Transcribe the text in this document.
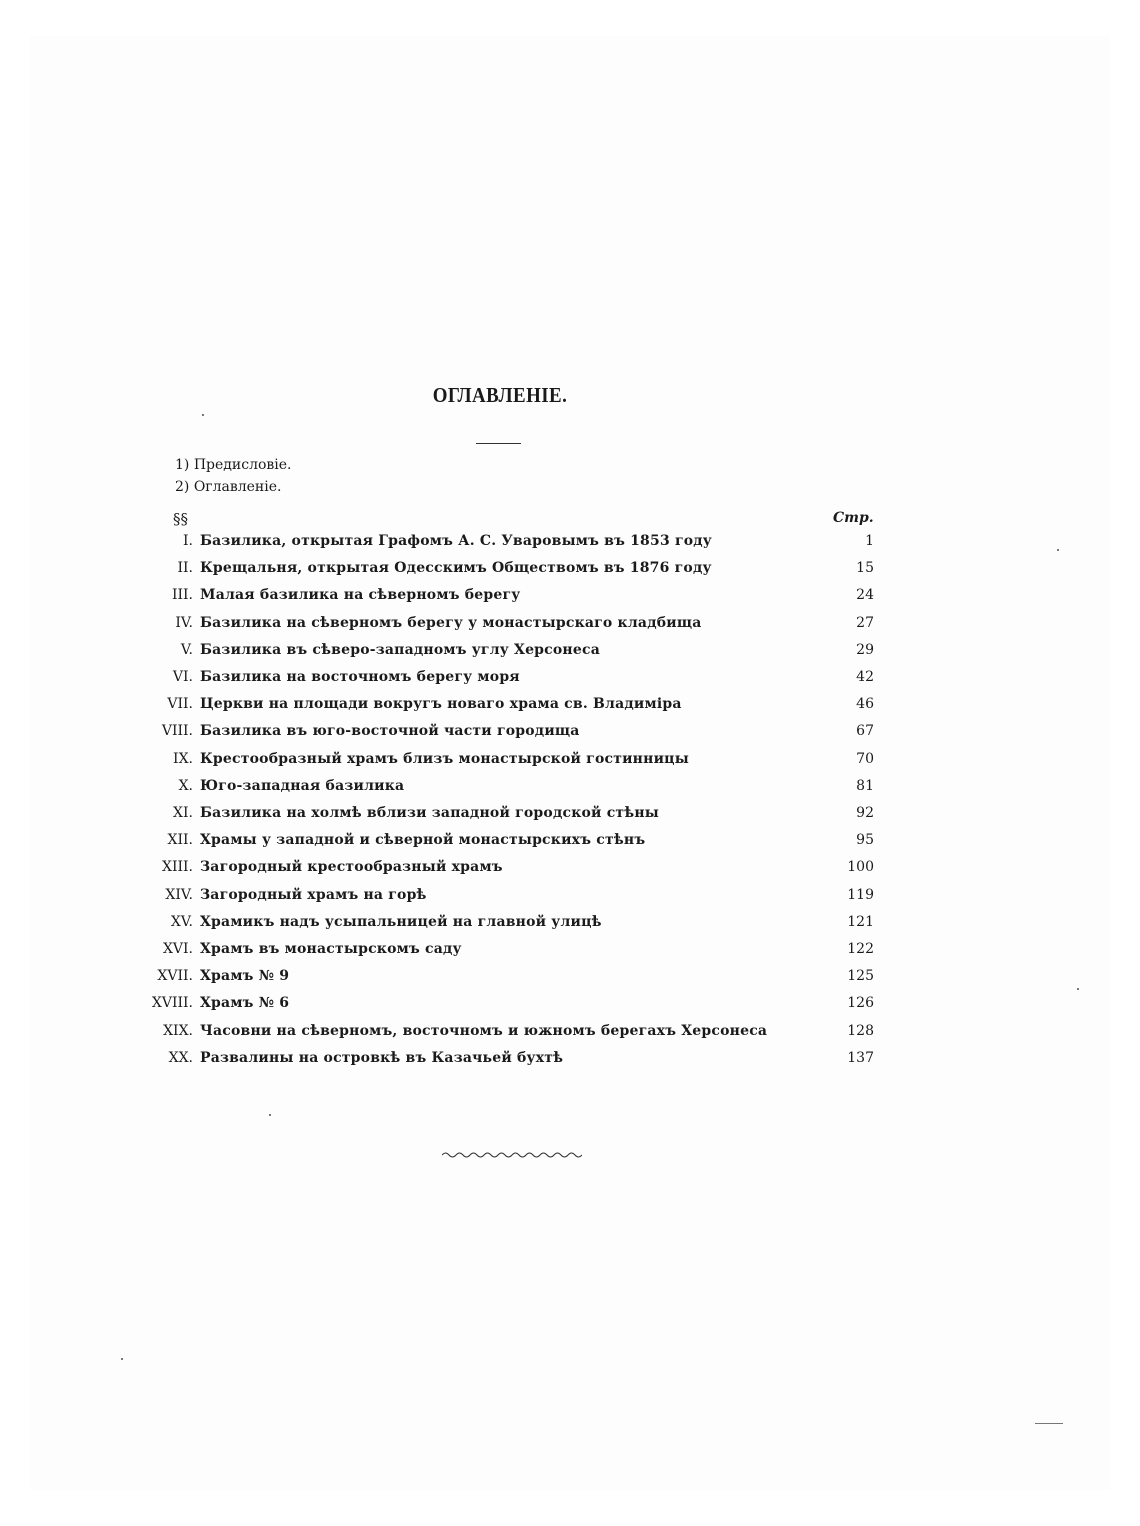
ОГЛАВЛЕНІЕ.
1) Предисловіе.
2) Оглавленіе.
§§	Стр.
I. Базилика, открытая Графомъ А. С. Уваровымъ въ 1853 году . . .	1
II. Крещальня, открытая Одесскимъ Обществомъ въ 1876 году . . .	15
III. Малая базилика на сѣверномъ берегу . . .	24
IV. Базилика на сѣверномъ берегу у монастырскаго кладбища . . .	27
V. Базилика въ сѣверо-западномъ углу Херсонеса . . .	29
VI. Базилика на восточномъ берегу моря . . .	42
VII. Церкви на площади вокругъ новаго храма св. Владиміра . . .	46
VIII. Базилика въ юго-восточной части городища . . .	67
IX. Крестообразный храмъ близъ монастырской гостинницы . . .	70
X. Юго-западная базилика . . .	81
XI. Базилика на холмѣ вблизи западной городской стѣны . . .	92
XII. Храмы у западной и сѣверной монастырскихъ стѣнъ . . .	95
XIII. Загородный крестообразный храмъ . . .	100
XIV. Загородный храмъ на горѣ . . .	119
XV. Храмикъ надъ усыпальницей на главной улицѣ . . .	121
XVI. Храмъ въ монастырскомъ саду . . .	122
XVII. Храмъ № 9 . . .	125
XVIII. Храмъ № 6 . . .	126
XIX. Часовни на сѣверномъ, восточномъ и южномъ берегахъ Херсонеса . . .	128
XX. Развалины на островкѣ въ Казачьей бухтѣ . . .	137
